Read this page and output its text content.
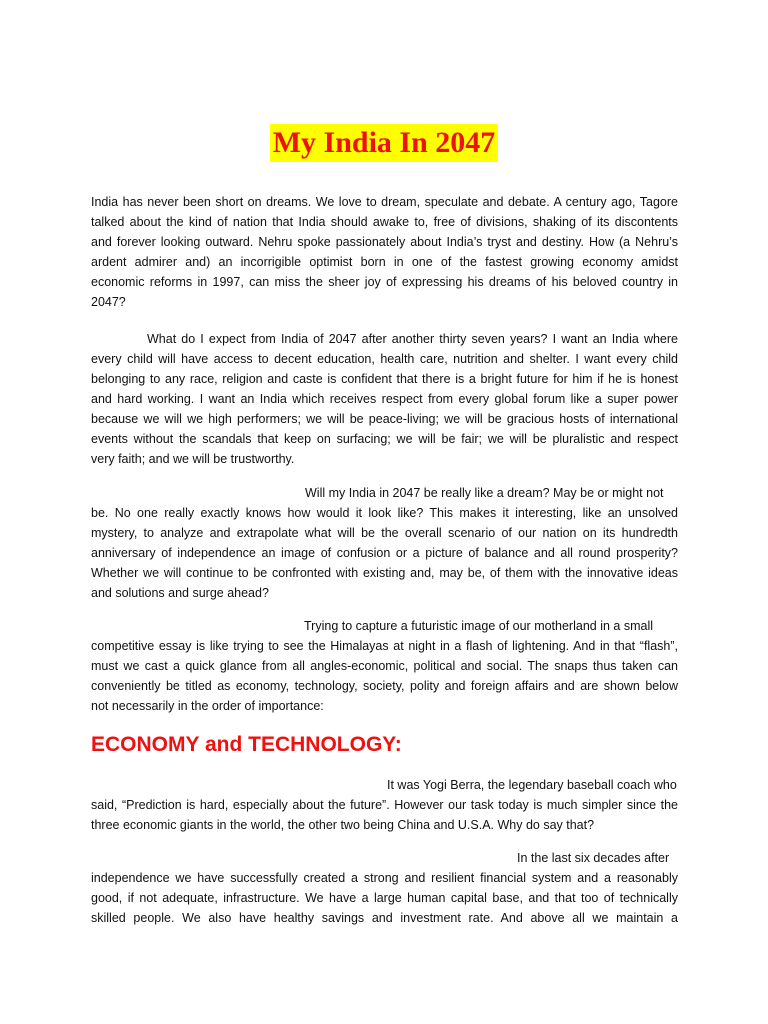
My India In 2047
India has never been short on dreams. We love to dream, speculate and debate. A century ago, Tagore
talked about the kind of nation that India should awake to, free of divisions, shaking of its discontents
and forever looking outward. Nehru spoke passionately about India’s tryst and destiny. How (a Nehru’s
ardent admirer and) an incorrigible optimist born in one of the fastest growing economy amidst
economic reforms in 1997, can miss the sheer joy of expressing his dreams of his beloved country in
2047?
What do I expect from India of 2047 after another thirty seven years? I want an India where
every child will have access to decent education, health care, nutrition and shelter. I want every child
belonging to any race, religion and caste is confident that there is a bright future for him if he is honest
and hard working. I want an India which receives respect from every global forum like a super power
because we will we high performers; we will be peace-living; we will be gracious hosts of international
events without the scandals that keep on surfacing; we will be fair; we will be pluralistic and respect
very faith; and we will be trustworthy.
Will my India in 2047 be really like a dream? May be or might not
be. No one really exactly knows how would it look like? This makes it interesting, like an unsolved
mystery, to analyze and extrapolate what will be the overall scenario of our nation on its hundredth
anniversary of independence an image of confusion or a picture of balance and all round prosperity?
Whether we will continue to be confronted with existing and, may be, of them with the innovative ideas
and solutions and surge ahead?
Trying to capture a futuristic image of our motherland in a small
competitive essay is like trying to see the Himalayas at night in a flash of lightening. And in that “flash”,
must we cast a quick glance from all angles-economic, political and social. The snaps thus taken can
conveniently be titled as economy, technology, society, polity and foreign affairs and are shown below
not necessarily in the order of importance:
ECONOMY and TECHNOLOGY:
It was Yogi Berra, the legendary baseball coach who
said, “Prediction is hard, especially about the future”. However our task today is much simpler since the
three economic giants in the world, the other two being China and U.S.A. Why do say that?
In the last six decades after
independence we have successfully created a strong and resilient financial system and a reasonably
good, if not adequate, infrastructure. We have a large human capital base, and that too of technically
skilled people. We also have healthy savings and investment rate. And above all we maintain a
